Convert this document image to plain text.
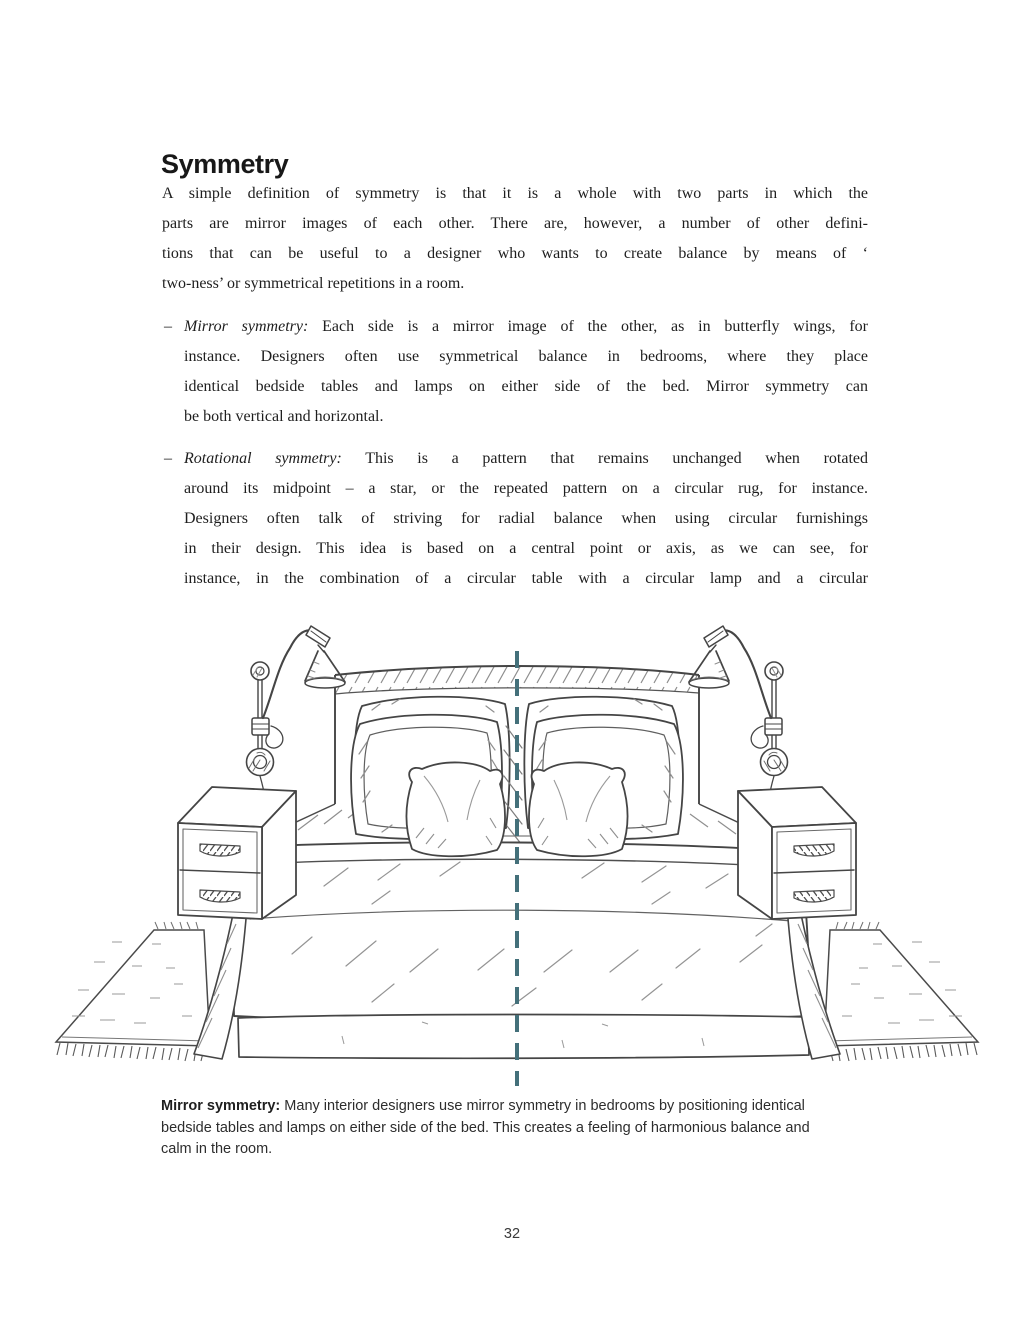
Symmetry
A simple definition of symmetry is that it is a whole with two parts in which the
parts are mirror images of each other. There are, however, a number of other defini-
tions that can be useful to a designer who wants to create balance by means of ‘
two-ness’ or symmetrical repetitions in a room.
– Mirror symmetry: Each side is a mirror image of the other, as in butterfly wings, for
instance. Designers often use symmetrical balance in bedrooms, where they place
identical bedside tables and lamps on either side of the bed. Mirror symmetry can
be both vertical and horizontal.
– Rotational symmetry: This is a pattern that remains unchanged when rotated
around its midpoint – a star, or the repeated pattern on a circular rug, for instance.
Designers often talk of striving for radial balance when using circular furnishings
in their design. This idea is based on a central point or axis, as we can see, for
instance, in the combination of a circular table with a circular lamp and a circular
Mirror symmetry: Many interior designers use mirror symmetry in bedrooms by positioning identical
bedside tables and lamps on either side of the bed. This creates a feeling of harmonious balance and
calm in the room.
32
